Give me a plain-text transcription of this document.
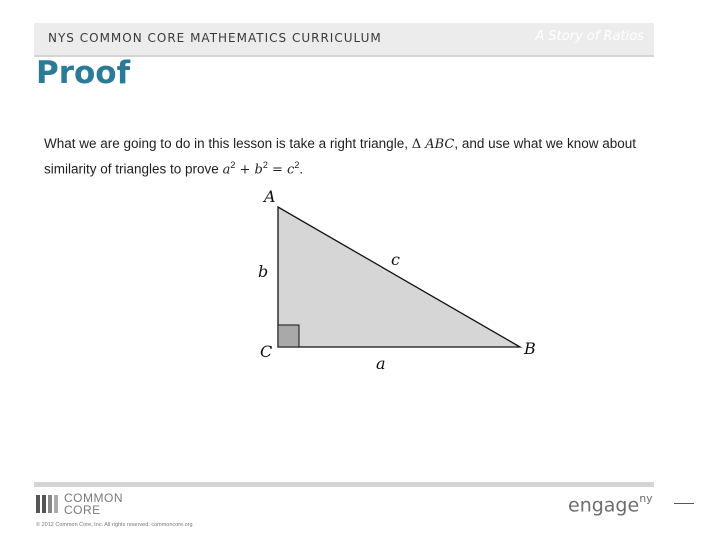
NYS COMMON CORE MATHEMATICS CURRICULUM	A Story of Ratios
Proof
What we are going to do in this lesson is take a right triangle, Δ ABC, and use what we know about similarity of triangles to prove $a^2 + b^2 = c^2$.
A
C	B
b
a
c
COMMON
CORE
© 2012 Common Core, Inc. All rights reserved. commoncore.org
engage$^{ny}$
